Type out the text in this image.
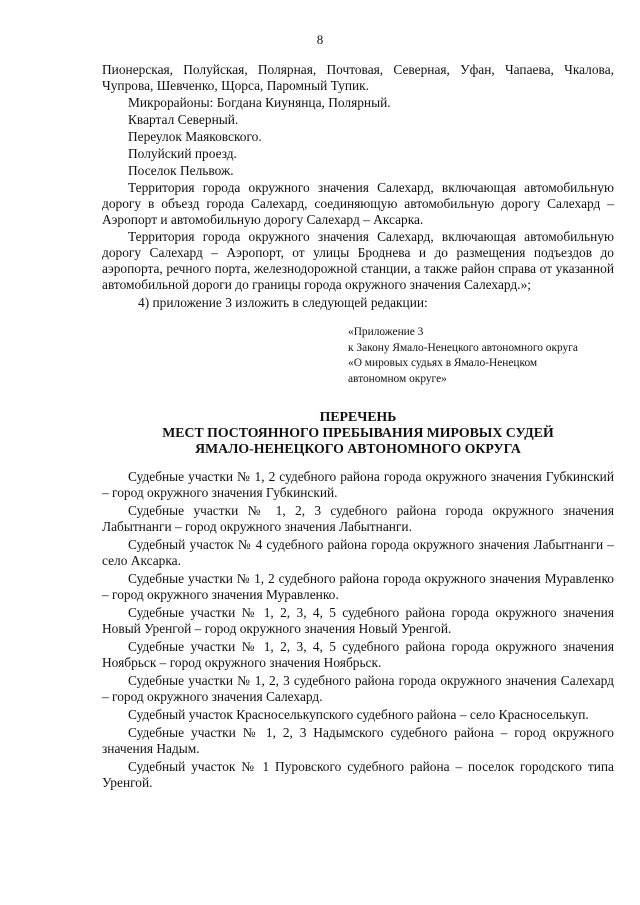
8

Пионерская, Полуйская, Полярная, Почтовая, Северная, Уфан, Чапаева, Чкалова, Чупрова, Шевченко, Щорса, Паромный Тупик.

Микрорайоны: Богдана Киунянца, Полярный.

Квартал Северный.

Переулок Маяковского.

Полуйский проезд.

Поселок Пельвож.

Территория города окружного значения Салехард, включающая автомобильную дорогу в объезд города Салехард, соединяющую автомобильную дорогу Салехард – Аэропорт и автомобильную дорогу Салехард – Аксарка.

Территория города окружного значения Салехард, включающая автомобильную дорогу Салехард – Аэропорт, от улицы Броднева и до размещения подъездов до аэропорта, речного порта, железнодорожной станции, а также район справа от указанной автомобильной дороги до границы города окружного значения Салехард.»;

4) приложение 3 изложить в следующей редакции:

«Приложение 3
к Закону Ямало-Ненецкого автономного округа
«О мировых судьях в Ямало-Ненецком
автономном округе»
ПЕРЕЧЕНЬ
МЕСТ ПОСТОЯННОГО ПРЕБЫВАНИЯ МИРОВЫХ СУДЕЙ
ЯМАЛО-НЕНЕЦКОГО АВТОНОМНОГО ОКРУГА

Судебные участки № 1, 2 судебного района города окружного значения Губкинский – город окружного значения Губкинский.

Судебные участки № 1, 2, 3 судебного района города окружного значения Лабытнанги – город окружного значения Лабытнанги.

Судебный участок № 4 судебного района города окружного значения Лабытнанги – село Аксарка.

Судебные участки № 1, 2 судебного района города окружного значения Муравленко – город окружного значения Муравленко.

Судебные участки № 1, 2, 3, 4, 5 судебного района города окружного значения Новый Уренгой – город окружного значения Новый Уренгой.

Судебные участки № 1, 2, 3, 4, 5 судебного района города окружного значения Ноябрьск – город окружного значения Ноябрьск.

Судебные участки № 1, 2, 3 судебного района города окружного значения Салехард – город окружного значения Салехард.

Судебный участок Красноселькупского судебного района – село Красноселькуп.

Судебные участки № 1, 2, 3 Надымского судебного района – город окружного значения Надым.

Судебный участок № 1 Пуровского судебного района – поселок городского типа Уренгой.
